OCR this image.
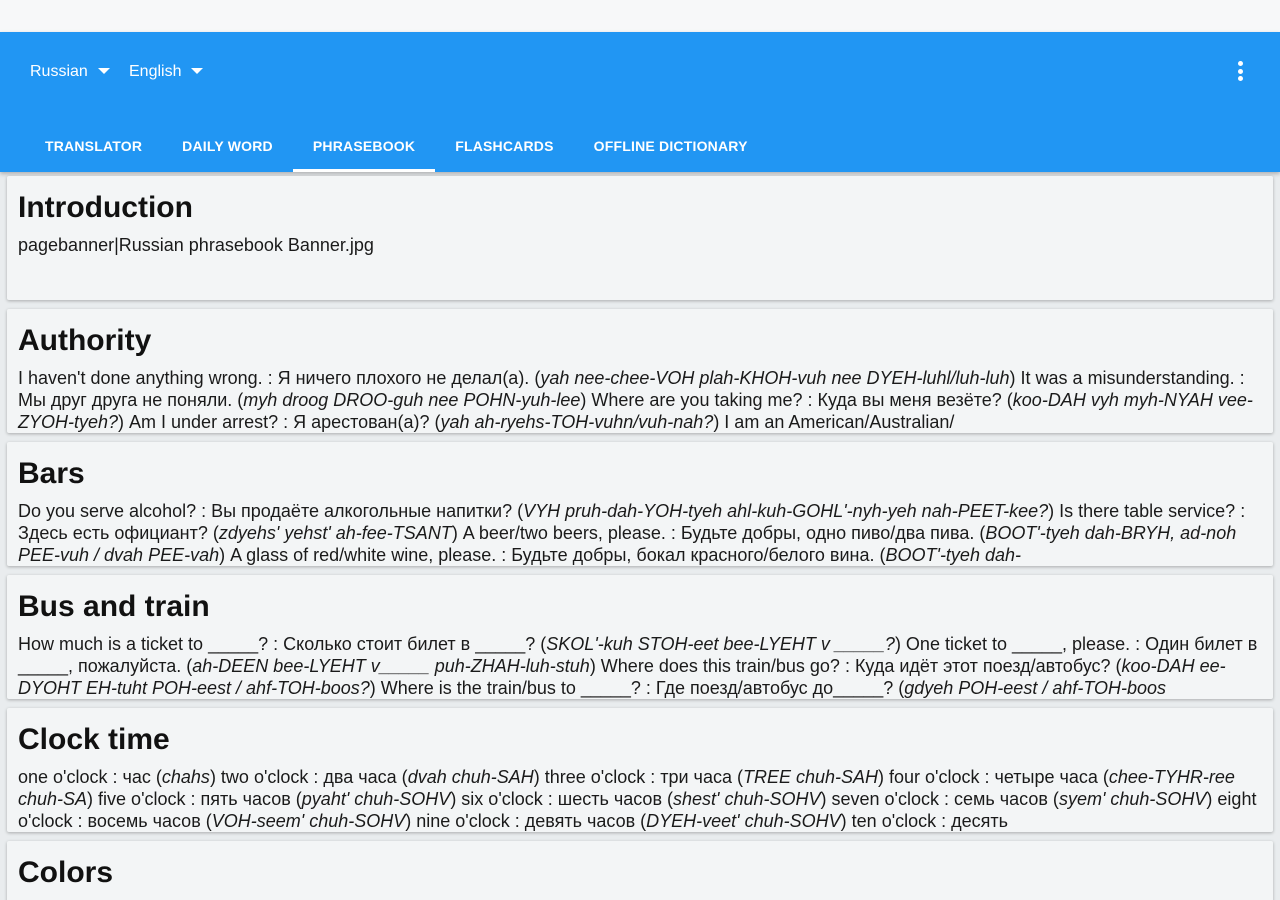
Russian	English
TRANSLATOR	DAILY WORD	PHRASEBOOK	FLASHCARDS	OFFLINE DICTIONARY
Introduction

pagebanner|Russian phrasebook Banner.jpg

Authority

I haven't done anything wrong. : Я ничего плохого не делал(а). (yah nee-chee-VOH plah-KHOH-vuh nee DYEH-luhl/luh-luh) It was a misunderstanding. : Мы друг друга не поняли. (myh droog DROO-guh nee POHN-yuh-lee) Where are you taking me? : Куда вы меня везёте? (koo-DAH vyh myh-NYAH vee-ZYOH-tyeh?) Am I under arrest? : Я арестован(а)? (yah ah-ryehs-TOH-vuhn/vuh-nah?) I am an American/Australian/

Bars

Do you serve alcohol? : Вы продаёте алкогольные напитки? (VYH pruh-dah-YOH-tyeh ahl-kuh-GOHL'-nyh-yeh nah-PEET-kee?) Is there table service? : Здесь есть официант? (zdyehs' yehst' ah-fee-TSANT) A beer/two beers, please. : Будьте добры, одно пиво/два пива. (BOOT'-tyeh dah-BRYH, ad-noh PEE-vuh / dvah PEE-vah) A glass of red/white wine, please. : Будьте добры, бокал красного/белого вина. (BOOT'-tyeh dah-

Bus and train

How much is a ticket to _____? : Сколько стоит билет в _____? (SKOL'-kuh STOH-eet bee-LYEHT v _____?) One ticket to _____, please. : Один билет в _____, пожалуйста. (ah-DEEN bee-LYEHT v_____ puh-ZHAH-luh-stuh) Where does this train/bus go? : Куда идёт этот поезд/автобус? (koo-DAH ee-DYOHT EH-tuht POH-eest / ahf-TOH-boos?) Where is the train/bus to _____? : Где поезд/автобус до_____? (gdyeh POH-eest / ahf-TOH-boos

Clock time

one o'clock : час (chahs) two o'clock : два часа (dvah chuh-SAH) three o'clock : три часа (TREE chuh-SAH) four o'clock : четыре часа (chee-TYHR-ree chuh-SA) five o'clock : пять часов (pyaht' chuh-SOHV) six o'clock : шесть часов (shest' chuh-SOHV) seven o'clock : семь часов (syem' chuh-SOHV) eight o'clock : восемь часов (VOH-seem' chuh-SOHV) nine o'clock : девять часов (DYEH-veet' chuh-SOHV) ten o'clock : десять

Colors
